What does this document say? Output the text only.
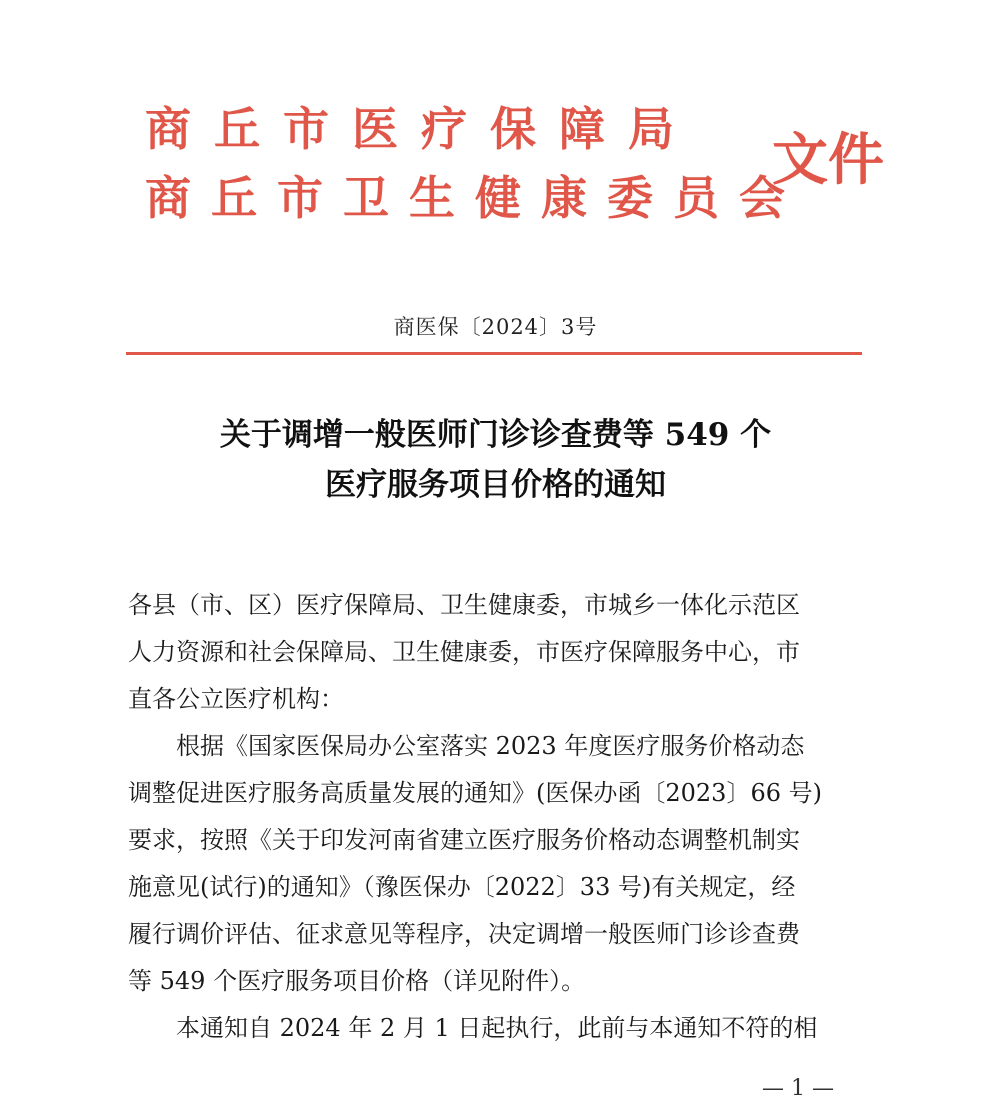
商丘市医疗保障局
商丘市卫生健康委员会
文件
商医保〔2024〕3号
关于调增一般医师门诊诊查费等 549 个
医疗服务项目价格的通知
各县（市、区）医疗保障局、卫生健康委，市城乡一体化示范区
人力资源和社会保障局、卫生健康委，市医疗保障服务中心，市
直各公立医疗机构：
根据《国家医保局办公室落实 2023 年度医疗服务价格动态
调整促进医疗服务高质量发展的通知》(医保办函〔2023〕66 号)
要求，按照《关于印发河南省建立医疗服务价格动态调整机制实
施意见(试行)的通知》（豫医保办〔2022〕33 号)有关规定，经
履行调价评估、征求意见等程序，决定调增一般医师门诊诊查费
等 549 个医疗服务项目价格（详见附件）。
本通知自 2024 年 2 月 1 日起执行，此前与本通知不符的相
— 1 —
